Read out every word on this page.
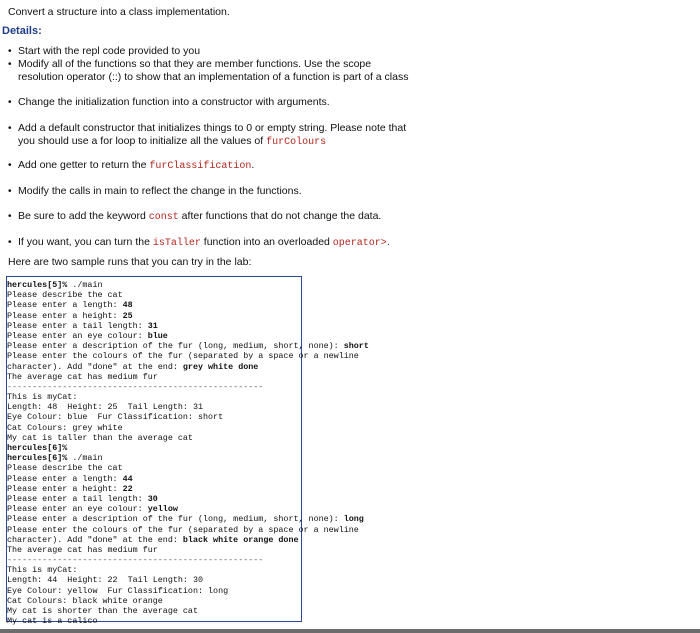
Convert a structure into a class implementation.
Details:
• Start with the repl code provided to you
• Modify all of the functions so that they are member functions. Use the scope resolution operator (::) to show that an implementation of a function is part of a class
• Change the initialization function into a constructor with arguments.
• Add a default constructor that initializes things to 0 or empty string. Please note that you should use a for loop to initialize all the values of furColours
• Add one getter to return the furClassification.
• Modify the calls in main to reflect the change in the functions.
• Be sure to add the keyword const after functions that do not change the data.
• If you want, you can turn the isTaller function into an overloaded operator>.
Here are two sample runs that you can try in the lab:
hercules[5]% ./main
Please describe the cat
Please enter a length: 48
Please enter a height: 25
Please enter a tail length: 31
Please enter an eye colour: blue
Please enter a description of the fur (long, medium, short, none): short
Please enter the colours of the fur (separated by a space or a newline
character). Add "done" at the end: grey white done
The average cat has medium fur
---------------------------------------------------
This is myCat:
Length: 48  Height: 25  Tail Length: 31
Eye Colour: blue  Fur Classification: short
Cat Colours: grey white
My cat is taller than the average cat
hercules[6]%
hercules[6]% ./main
Please describe the cat
Please enter a length: 44
Please enter a height: 22
Please enter a tail length: 30
Please enter an eye colour: yellow
Please enter a description of the fur (long, medium, short, none): long
Please enter the colours of the fur (separated by a space or a newline
character). Add "done" at the end: black white orange done
The average cat has medium fur
---------------------------------------------------
This is myCat:
Length: 44  Height: 22  Tail Length: 30
Eye Colour: yellow  Fur Classification: long
Cat Colours: black white orange
My cat is shorter than the average cat
My cat is a calico
